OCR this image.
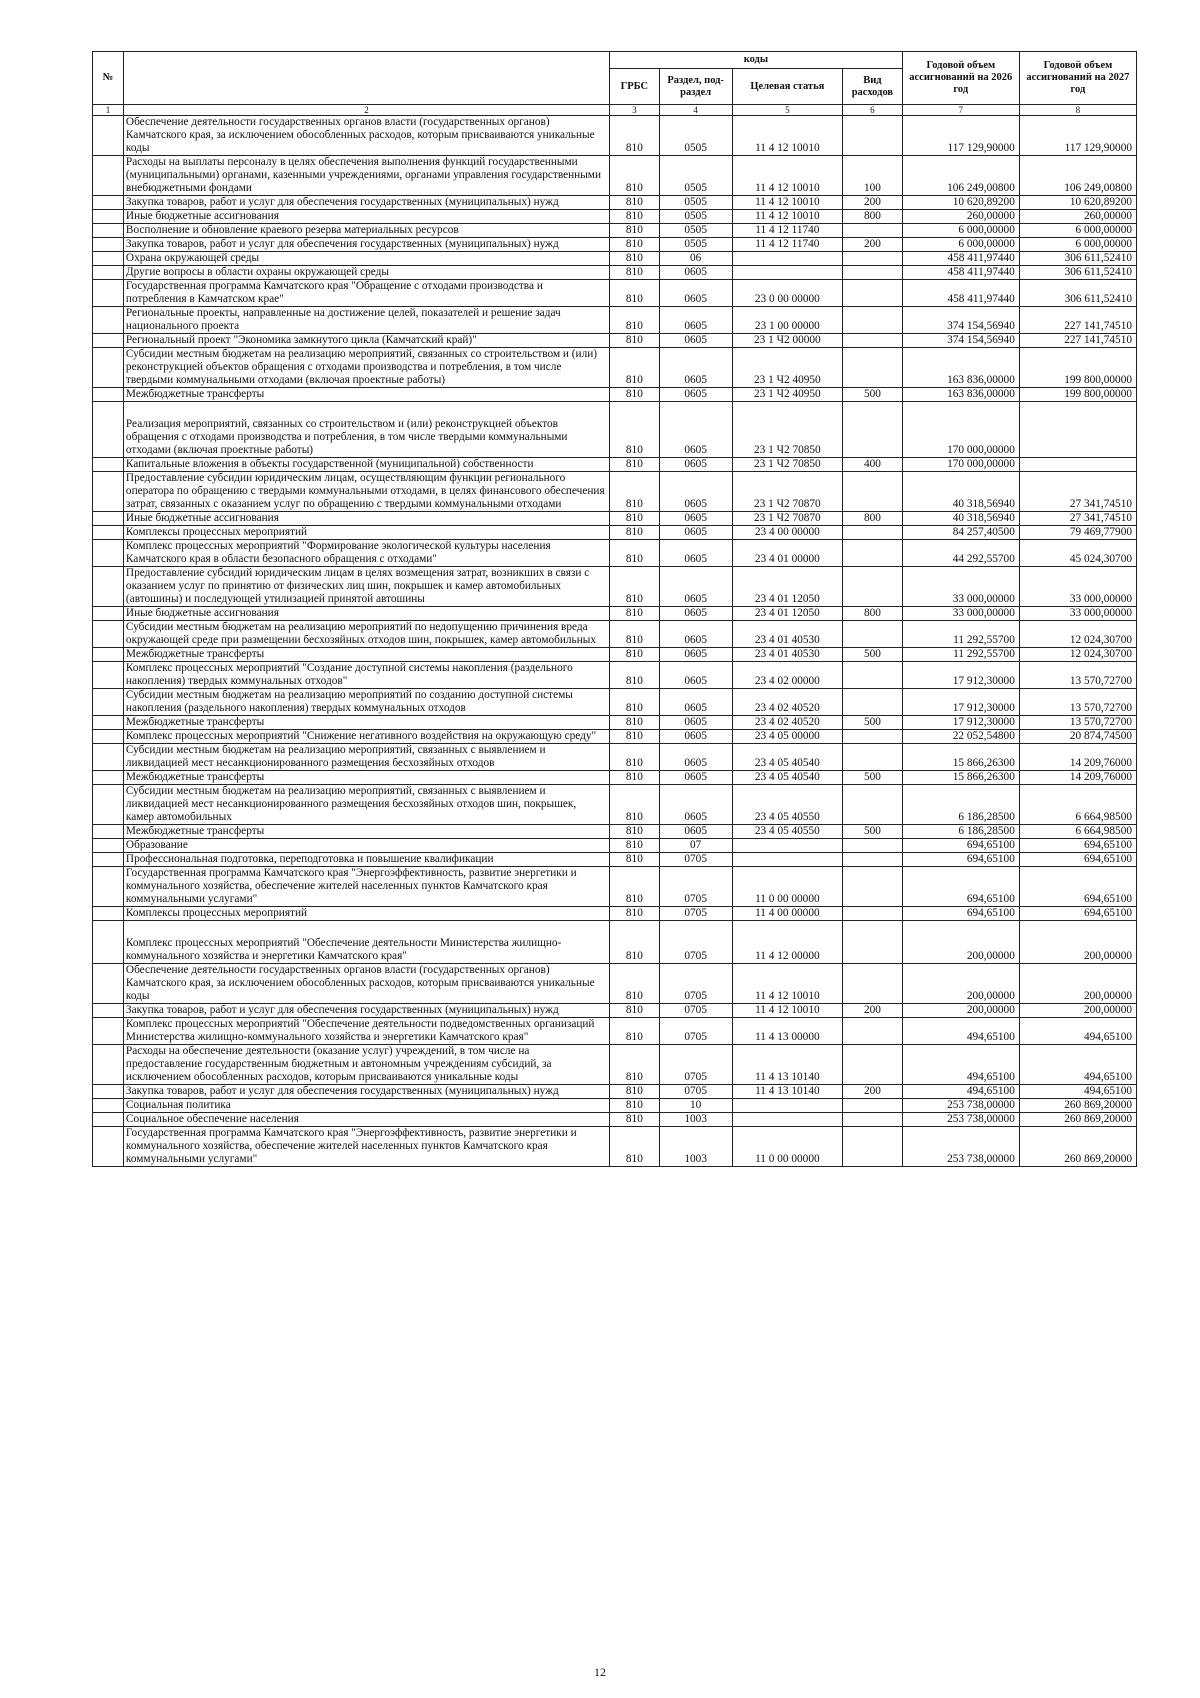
№		коды				Годовой объем ассигнований на 2026 год	Годовой объем ассигнований на 2027 год
		ГРБС	Раздел, под-раздел	Целевая статья	Вид расходов		
1	2	3	4	5	6	7	8
	Обеспечение деятельности государственных органов власти (государственных органов) Камчатского края, за исключением обособленных расходов, которым присваиваются уникальные коды	810	0505	11 4 12 10010		117 129,90000	117 129,90000
	Расходы на выплаты персоналу в целях обеспечения выполнения функций государственными (муниципальными) органами, казенными учреждениями, органами управления государственными внебюджетными фондами	810	0505	11 4 12 10010	100	106 249,00800	106 249,00800
	Закупка товаров, работ и услуг для обеспечения государственных (муниципальных) нужд	810	0505	11 4 12 10010	200	10 620,89200	10 620,89200
	Иные бюджетные ассигнования	810	0505	11 4 12 10010	800	260,00000	260,00000
	Восполнение и обновление краевого резерва материальных ресурсов	810	0505	11 4 12 11740		6 000,00000	6 000,00000
	Закупка товаров, работ и услуг для обеспечения государственных (муниципальных) нужд	810	0505	11 4 12 11740	200	6 000,00000	6 000,00000
	Охрана окружающей среды	810	06			458 411,97440	306 611,52410
	Другие вопросы в области охраны окружающей среды	810	0605			458 411,97440	306 611,52410
	Государственная программа Камчатского края "Обращение с отходами производства и потребления в Камчатском крае"	810	0605	23 0 00 00000		458 411,97440	306 611,52410
	Региональные проекты, направленные на достижение целей, показателей и решение задач национального проекта	810	0605	23 1 00 00000		374 154,56940	227 141,74510
	Региональный проект "Экономика замкнутого цикла (Камчатский край)"	810	0605	23 1 Ч2 00000		374 154,56940	227 141,74510
	Субсидии местным бюджетам на реализацию мероприятий, связанных со строительством и (или) реконструкцией объектов обращения с отходами производства и потребления, в том числе твердыми коммунальными отходами (включая проектные работы)	810	0605	23 1 Ч2 40950		163 836,00000	199 800,00000
	Межбюджетные трансферты	810	0605	23 1 Ч2 40950	500	163 836,00000	199 800,00000
	Реализация мероприятий, связанных со строительством и (или) реконструкцией объектов обращения с отходами производства и потребления, в том числе твердыми коммунальными отходами (включая проектные работы)	810	0605	23 1 Ч2 70850		170 000,00000	
	Капитальные вложения в объекты государственной (муниципальной) собственности	810	0605	23 1 Ч2 70850	400	170 000,00000	
	Предоставление субсидии юридическим лицам, осуществляющим функции регионального оператора по обращению с твердыми коммунальными отходами, в целях финансового обеспечения затрат, связанных с оказанием услуг по обращению с твердыми коммунальными отходами	810	0605	23 1 Ч2 70870		40 318,56940	27 341,74510
	Иные бюджетные ассигнования	810	0605	23 1 Ч2 70870	800	40 318,56940	27 341,74510
	Комплексы процессных мероприятий	810	0605	23 4 00 00000		84 257,40500	79 469,77900
	Комплекс процессных мероприятий "Формирование экологической культуры населения Камчатского края в области безопасного обращения с отходами"	810	0605	23 4 01 00000		44 292,55700	45 024,30700
	Предоставление субсидий юридическим лицам в целях возмещения затрат, возникших в связи с оказанием услуг по принятию от физических лиц шин, покрышек и камер автомобильных (автошины) и последующей утилизацией принятой автошины	810	0605	23 4 01 12050		33 000,00000	33 000,00000
	Иные бюджетные ассигнования	810	0605	23 4 01 12050	800	33 000,00000	33 000,00000
	Субсидии местным бюджетам на реализацию мероприятий по недопущению причинения вреда окружающей среде при размещении бесхозяйных отходов шин, покрышек, камер автомобильных	810	0605	23 4 01 40530		11 292,55700	12 024,30700
	Межбюджетные трансферты	810	0605	23 4 01 40530	500	11 292,55700	12 024,30700
	Комплекс процессных мероприятий "Создание доступной системы накопления (раздельного накопления) твердых коммунальных отходов"	810	0605	23 4 02 00000		17 912,30000	13 570,72700
	Субсидии местным бюджетам на реализацию мероприятий по созданию доступной системы накопления (раздельного накопления) твердых коммунальных отходов	810	0605	23 4 02 40520		17 912,30000	13 570,72700
	Межбюджетные трансферты	810	0605	23 4 02 40520	500	17 912,30000	13 570,72700
	Комплекс процессных мероприятий "Снижение негативного воздействия на окружающую среду"	810	0605	23 4 05 00000		22 052,54800	20 874,74500
	Субсидии местным бюджетам на реализацию мероприятий, связанных с выявлением и ликвидацией мест несанкционированного размещения бесхозяйных отходов	810	0605	23 4 05 40540		15 866,26300	14 209,76000
	Межбюджетные трансферты	810	0605	23 4 05 40540	500	15 866,26300	14 209,76000
	Субсидии местным бюджетам на реализацию мероприятий, связанных с выявлением и ликвидацией мест несанкционированного размещения бесхозяйных отходов шин, покрышек, камер автомобильных	810	0605	23 4 05 40550		6 186,28500	6 664,98500
	Межбюджетные трансферты	810	0605	23 4 05 40550	500	6 186,28500	6 664,98500
	Образование	810	07			694,65100	694,65100
	Профессиональная подготовка, переподготовка и повышение квалификации	810	0705			694,65100	694,65100
	Государственная программа Камчатского края "Энергоэффективность, развитие энергетики и коммунального хозяйства, обеспечение жителей населенных пунктов Камчатского края коммунальными услугами"	810	0705	11 0 00 00000		694,65100	694,65100
	Комплексы процессных мероприятий	810	0705	11 4 00 00000		694,65100	694,65100
	Комплекс процессных мероприятий "Обеспечение деятельности Министерства жилищно-коммунального хозяйства и энергетики Камчатского края"	810	0705	11 4 12 00000		200,00000	200,00000
	Обеспечение деятельности государственных органов власти (государственных органов) Камчатского края, за исключением обособленных расходов, которым присваиваются уникальные коды	810	0705	11 4 12 10010		200,00000	200,00000
	Закупка товаров, работ и услуг для обеспечения государственных (муниципальных) нужд	810	0705	11 4 12 10010	200	200,00000	200,00000
	Комплекс процессных мероприятий "Обеспечение деятельности подведомственных организаций Министерства жилищно-коммунального хозяйства и энергетики Камчатского края"	810	0705	11 4 13 00000		494,65100	494,65100
	Расходы на обеспечение деятельности (оказание услуг) учреждений, в том числе на предоставление государственным бюджетным и автономным учреждениям субсидий, за исключением обособленных расходов, которым присваиваются уникальные коды	810	0705	11 4 13 10140		494,65100	494,65100
	Закупка товаров, работ и услуг для обеспечения государственных (муниципальных) нужд	810	0705	11 4 13 10140	200	494,65100	494,65100
	Социальная политика	810	10			253 738,00000	260 869,20000
	Социальное обеспечение населения	810	1003			253 738,00000	260 869,20000
	Государственная программа Камчатского края "Энергоэффективность, развитие энергетики и коммунального хозяйства, обеспечение жителей населенных пунктов Камчатского края коммунальными услугами"	810	1003	11 0 00 00000		253 738,00000	260 869,20000
12
